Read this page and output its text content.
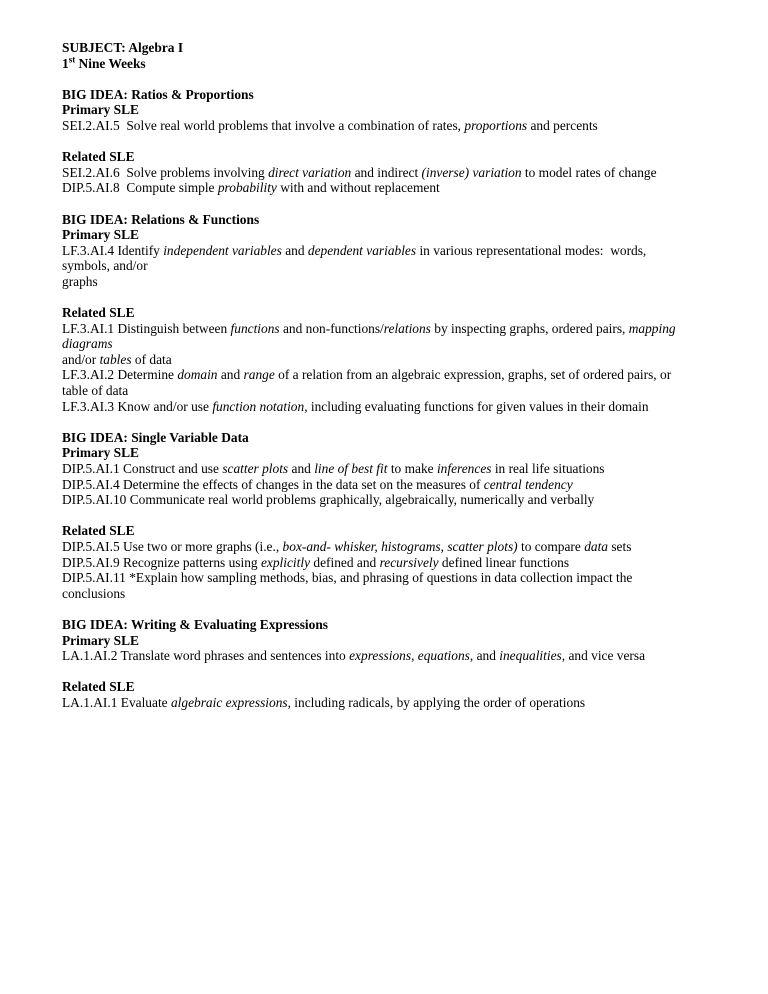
SUBJECT: Algebra I
1st Nine Weeks
BIG IDEA: Ratios & Proportions
Primary SLE
SEI.2.AI.5  Solve real world problems that involve a combination of rates, proportions and percents
Related SLE
SEI.2.AI.6  Solve problems involving direct variation and indirect (inverse) variation to model rates of change
DIP.5.AI.8  Compute simple probability with and without replacement
BIG IDEA: Relations & Functions
Primary SLE
LF.3.AI.4 Identify independent variables and dependent variables in various representational modes:  words,
symbols, and/or
graphs
Related SLE
LF.3.AI.1 Distinguish between functions and non-functions/relations by inspecting graphs, ordered pairs, mapping
diagrams
and/or tables of data
LF.3.AI.2 Determine domain and range of a relation from an algebraic expression, graphs, set of ordered pairs, or
table of data
LF.3.AI.3 Know and/or use function notation, including evaluating functions for given values in their domain
BIG IDEA: Single Variable Data
Primary SLE
DIP.5.AI.1 Construct and use scatter plots and line of best fit to make inferences in real life situations
DIP.5.AI.4 Determine the effects of changes in the data set on the measures of central tendency
DIP.5.AI.10 Communicate real world problems graphically, algebraically, numerically and verbally
Related SLE
DIP.5.AI.5 Use two or more graphs (i.e., box-and- whisker, histograms, scatter plots) to compare data sets
DIP.5.AI.9 Recognize patterns using explicitly defined and recursively defined linear functions
DIP.5.AI.11 *Explain how sampling methods, bias, and phrasing of questions in data collection impact the
conclusions
BIG IDEA: Writing & Evaluating Expressions
Primary SLE
LA.1.AI.2 Translate word phrases and sentences into expressions, equations, and inequalities, and vice versa
Related SLE
LA.1.AI.1 Evaluate algebraic expressions, including radicals, by applying the order of operations
